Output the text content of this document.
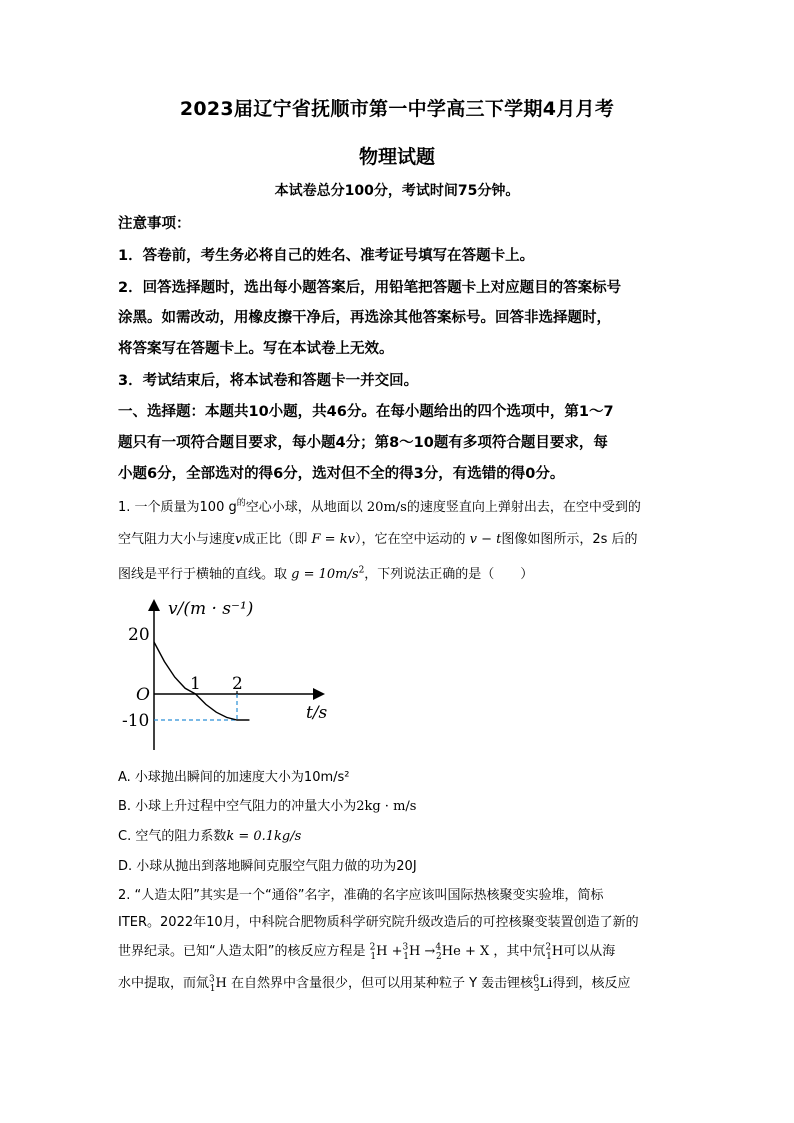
2023届辽宁省抚顺市第一中学高三下学期4月月考
物理试题
本试卷总分100分，考试时间75分钟。
注意事项：
1．答卷前，考生务必将自己的姓名、准考证号填写在答题卡上。
2．回答选择题时，选出每小题答案后，用铅笔把答题卡上对应题目的答案标号
涂黑。如需改动，用橡皮擦干净后，再选涂其他答案标号。回答非选择题时，
将答案写在答题卡上。写在本试卷上无效。
3．考试结束后，将本试卷和答题卡一并交回。
一、选择题：本题共10小题，共46分。在每小题给出的四个选项中，第1～7
题只有一项符合题目要求，每小题4分；第8～10题有多项符合题目要求，每
小题6分，全部选对的得6分，选对但不全的得3分，有选错的得0分。
1. 一个质量为100 $g^的$空心小球，从地面以 20m/s的速度竖直向上弹射出去，在空中受到的
空气阻力大小与速度v成正比（即 F = kv），它在空中运动的 v − t图像如图所示，2s 后的
图线是平行于横轴的直线。取 $g = 10m/s^2$，下列说法正确的是（　　）
v/(m · s⁻¹)
t/s
O
1 2
20
-10
A. 小球抛出瞬间的加速度大小为10m/s²
B. 小球上升过程中空气阻力的冲量大小为2kg · m/s
C. 空气的阻力系数k = 0.1kg/s
D. 小球从抛出到落地瞬间克服空气阻力做的功为20J
2. “人造太阳”其实是一个“通俗”名字，准确的名字应该叫国际热核聚变实验堆，简标
ITER。2022年10月，中科院合肥物质科学研究院升级改造后的可控核聚变装置创造了新的
世界纪录。已知“人造太阳”的核反应方程是 $^2_1$H +$^3_1$H →$^4_2$He + X ，其中氘$^2_1$H可以从海
水中提取，而氚$^3_1$H 在自然界中含量很少，但可以用某种粒子 Y 轰击锂核$^6_3$Li得到，核反应
